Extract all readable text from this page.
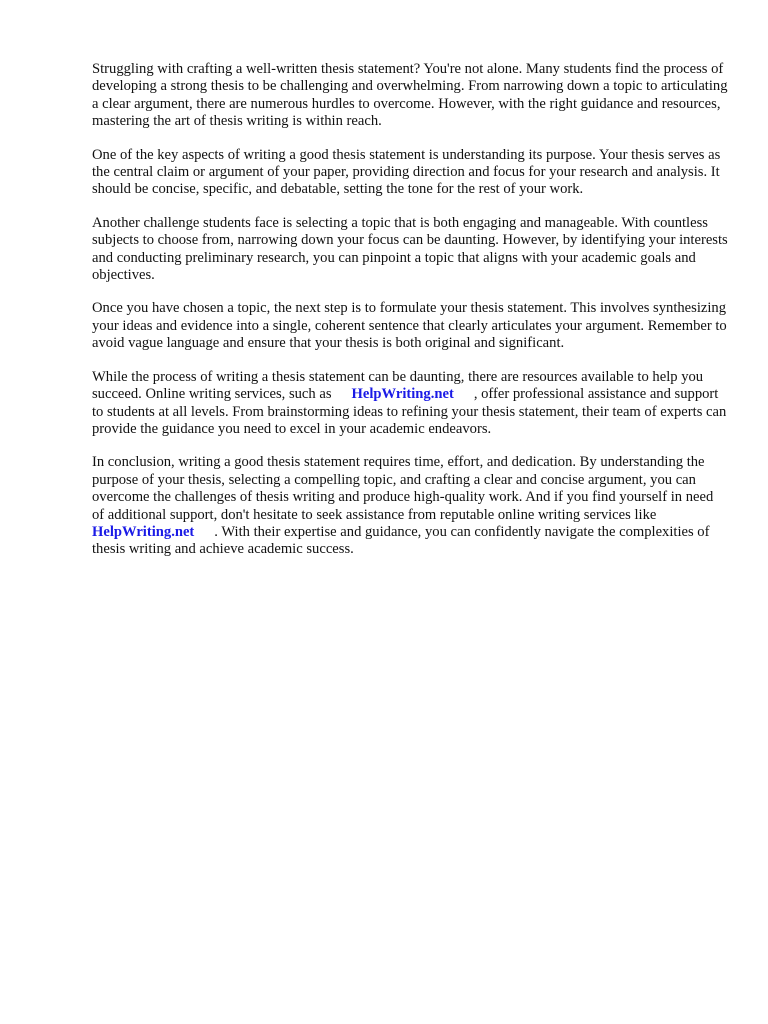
Struggling with crafting a well-written thesis statement? You're not alone. Many students find the process of developing a strong thesis to be challenging and overwhelming. From narrowing down a topic to articulating a clear argument, there are numerous hurdles to overcome. However, with the right guidance and resources, mastering the art of thesis writing is within reach.

One of the key aspects of writing a good thesis statement is understanding its purpose. Your thesis serves as the central claim or argument of your paper, providing direction and focus for your research and analysis. It should be concise, specific, and debatable, setting the tone for the rest of your work.

Another challenge students face is selecting a topic that is both engaging and manageable. With countless subjects to choose from, narrowing down your focus can be daunting. However, by identifying your interests and conducting preliminary research, you can pinpoint a topic that aligns with your academic goals and objectives.

Once you have chosen a topic, the next step is to formulate your thesis statement. This involves synthesizing your ideas and evidence into a single, coherent sentence that clearly articulates your argument. Remember to avoid vague language and ensure that your thesis is both original and significant.

While the process of writing a thesis statement can be daunting, there are resources available to help you succeed. Online writing services, such as HelpWriting.net , offer professional assistance and support to students at all levels. From brainstorming ideas to refining your thesis statement, their team of experts can provide the guidance you need to excel in your academic endeavors.

In conclusion, writing a good thesis statement requires time, effort, and dedication. By understanding the purpose of your thesis, selecting a compelling topic, and crafting a clear and concise argument, you can overcome the challenges of thesis writing and produce high-quality work. And if you find yourself in need of additional support, don't hesitate to seek assistance from reputable online writing services likeHelpWriting.net . With their expertise and guidance, you can confidently navigate the complexities of thesis writing and achieve academic success.
